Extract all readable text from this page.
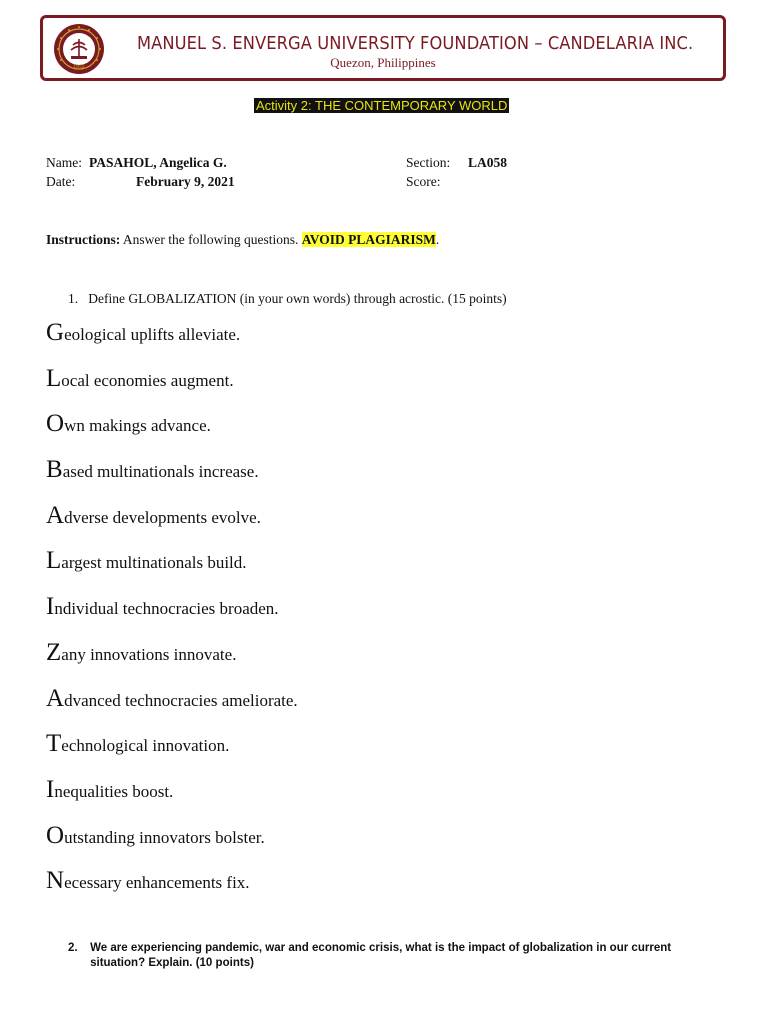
1952
MANUEL S. ENVERGA UNIVERSITY FOUNDATION – CANDELARIA INC.
Quezon, Philippines
Activity 2: THE CONTEMPORARY WORLD
Name: PASAHOL, Angelica G.
Date:	February 9, 2021
Section: LA058
Score:
Instructions: Answer the following questions. AVOID PLAGIARISM.
1. Define GLOBALIZATION (in your own words) through acrostic. (15 points)
Geological uplifts alleviate.
Local economies augment.
Own makings advance.
Based multinationals increase.
Adverse developments evolve.
Largest multinationals build.
Individual technocracies broaden.
Zany innovations innovate.
Advanced technocracies ameliorate.
Technological innovation.
Inequalities boost.
Outstanding innovators bolster.
Necessary enhancements fix.
2.	We are experiencing pandemic, war and economic crisis, what is the impact of globalization in our current situation? Explain. (10 points)
